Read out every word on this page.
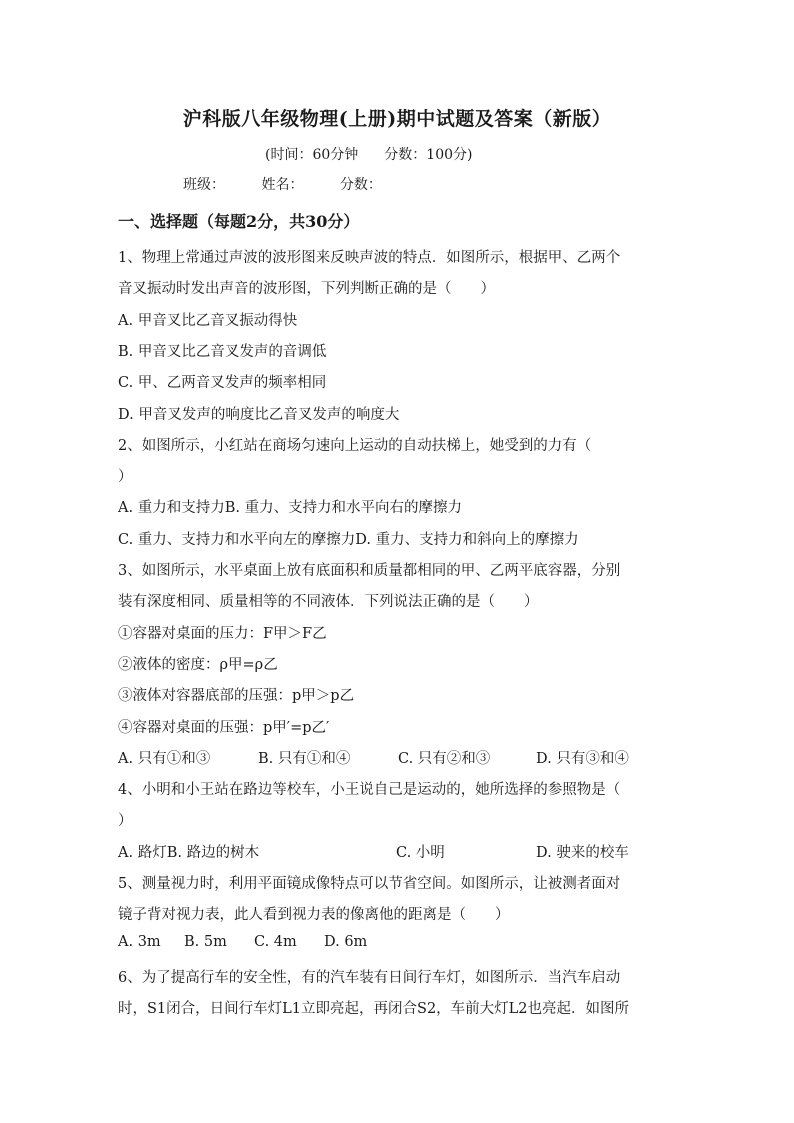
沪科版八年级物理(上册)期中试题及答案（新版）
(时间：60分钟 分数：100分)
班级：	姓名：	分数：
一、选择题（每题2分，共30分）
1、物理上常通过声波的波形图来反映声波的特点．如图所示，根据甲、乙两个
音叉振动时发出声音的波形图，下列判断正确的是（　　）
A. 甲音叉比乙音叉振动得快
B. 甲音叉比乙音叉发声的音调低
C. 甲、乙两音叉发声的频率相同
D. 甲音叉发声的响度比乙音叉发声的响度大
2、如图所示，小红站在商场匀速向上运动的自动扶梯上，她受到的力有（
）
A. 重力和支持力B. 重力、支持力和水平向右的摩擦力
C. 重力、支持力和水平向左的摩擦力D. 重力、支持力和斜向上的摩擦力
3、如图所示，水平桌面上放有底面积和质量都相同的甲、乙两平底容器，分别
装有深度相同、质量相等的不同液体．下列说法正确的是（　　）
①容器对桌面的压力：F甲＞F乙
②液体的密度：ρ甲=ρ乙
③液体对容器底部的压强：p甲＞p乙
④容器对桌面的压强：p甲′=p乙′
A. 只有①和③	B. 只有①和④	C. 只有②和③	D. 只有③和④
4、小明和小王站在路边等校车，小王说自己是运动的，她所选择的参照物是（
）
A. 路灯B. 路边的树木	C. 小明	D. 驶来的校车
5、测量视力时，利用平面镜成像特点可以节省空间。如图所示，让被测者面对
镜子背对视力表，此人看到视力表的像离他的距离是（　　）
A. 3m B. 5m C. 4m D. 6m
6、为了提高行车的安全性，有的汽车装有日间行车灯，如图所示．当汽车启动
时，S1闭合，日间行车灯L1立即亮起，再闭合S2，车前大灯L2也亮起．如图所
